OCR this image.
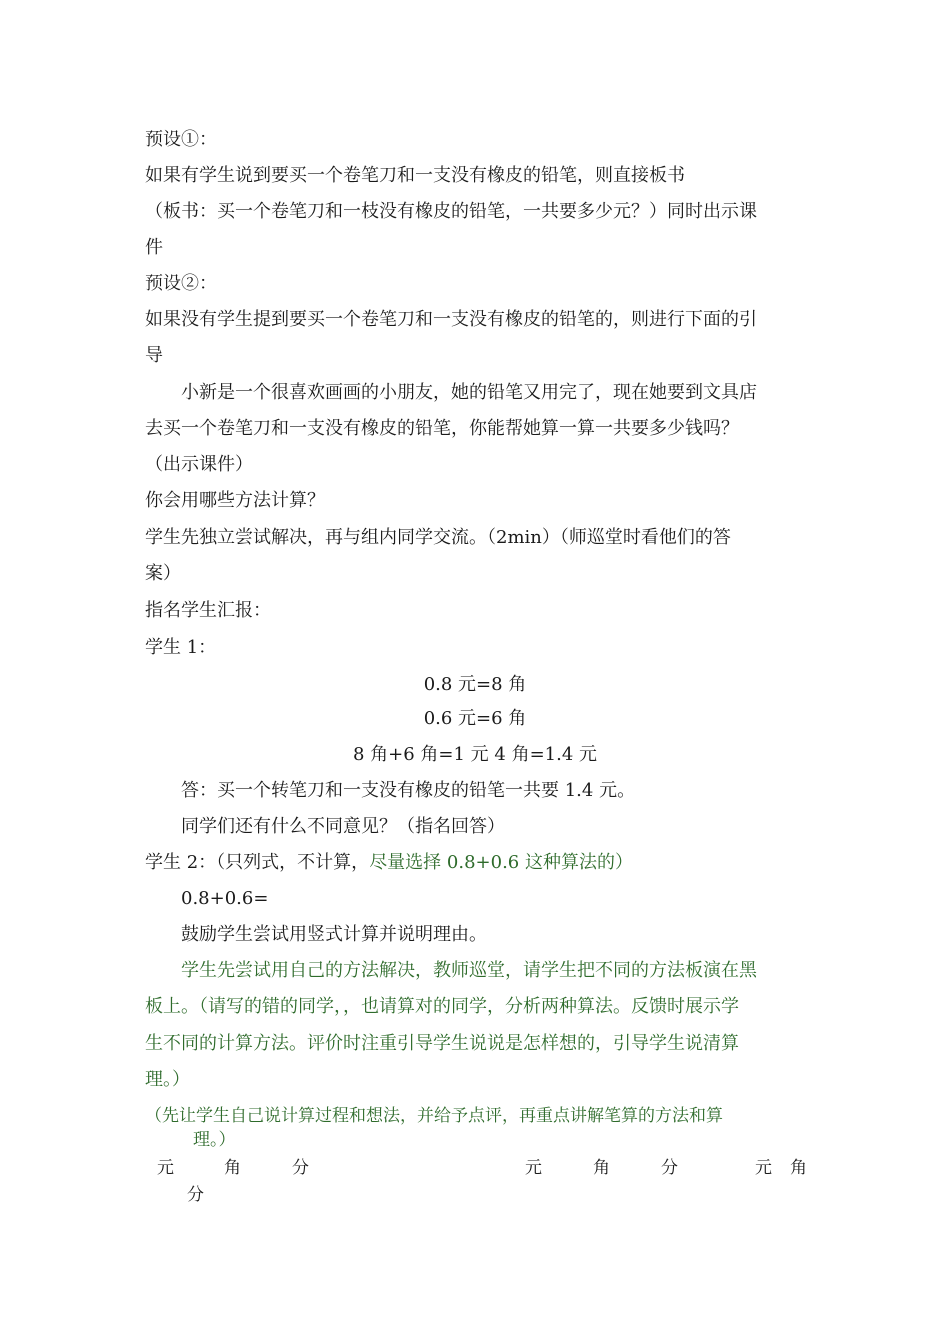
预设①：
如果有学生说到要买一个卷笔刀和一支没有橡皮的铅笔，则直接板书
（板书：买一个卷笔刀和一枝没有橡皮的铅笔，一共要多少元？）同时出示课
件
预设②：
如果没有学生提到要买一个卷笔刀和一支没有橡皮的铅笔的，则进行下面的引
导
小新是一个很喜欢画画的小朋友，她的铅笔又用完了，现在她要到文具店
去买一个卷笔刀和一支没有橡皮的铅笔，你能帮她算一算一共要多少钱吗？
（出示课件）
你会用哪些方法计算？
学生先独立尝试解决，再与组内同学交流。（2min）（师巡堂时看他们的答
案）
指名学生汇报：
学生 1：
0.8 元=8 角
0.6 元=6 角
8 角+6 角=1 元 4 角=1.4 元
答：买一个转笔刀和一支没有橡皮的铅笔一共要 1.4 元。
同学们还有什么不同意见？（指名回答）
学生 2：（只列式，不计算，尽量选择 0.8+0.6 这种算法的）
0.8+0.6=
鼓励学生尝试用竖式计算并说明理由。
学生先尝试用自己的方法解决，教师巡堂，请学生把不同的方法板演在黑
板上。（请写的错的同学，，也请算对的同学，分析两种算法。反馈时展示学
生不同的计算方法。评价时注重引导学生说说是怎样想的，引导学生说清算
理。）
（先让学生自己说计算过程和想法，并给予点评，再重点讲解笔算的方法和算
理。）
元	角	分	元	角	分	元 角
分
